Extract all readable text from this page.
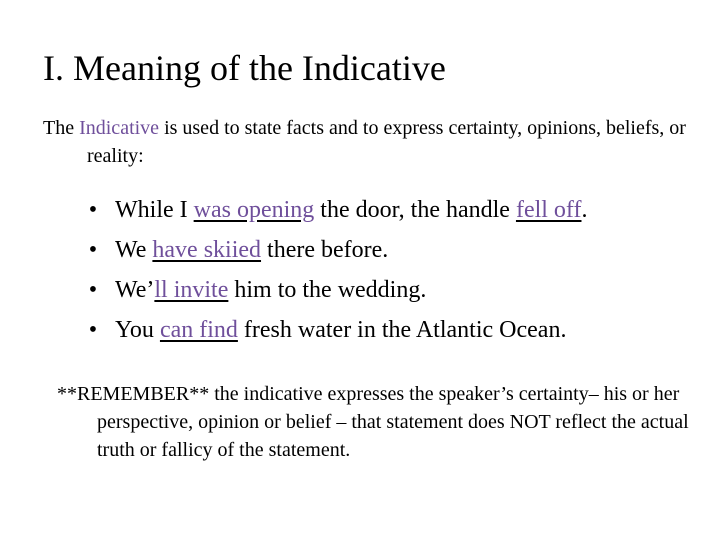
I. Meaning of the Indicative
The Indicative is used to state facts and to express certainty, opinions, beliefs, or reality:
• While I was opening the door, the handle fell off.
• We have skiied there before.
• We’ll invite him to the wedding.
• You can find fresh water in the Atlantic Ocean.
**REMEMBER** the indicative expresses the speaker’s certainty– his or her perspective, opinion or belief – that statement does NOT reflect the actual truth or fallicy of the statement.
